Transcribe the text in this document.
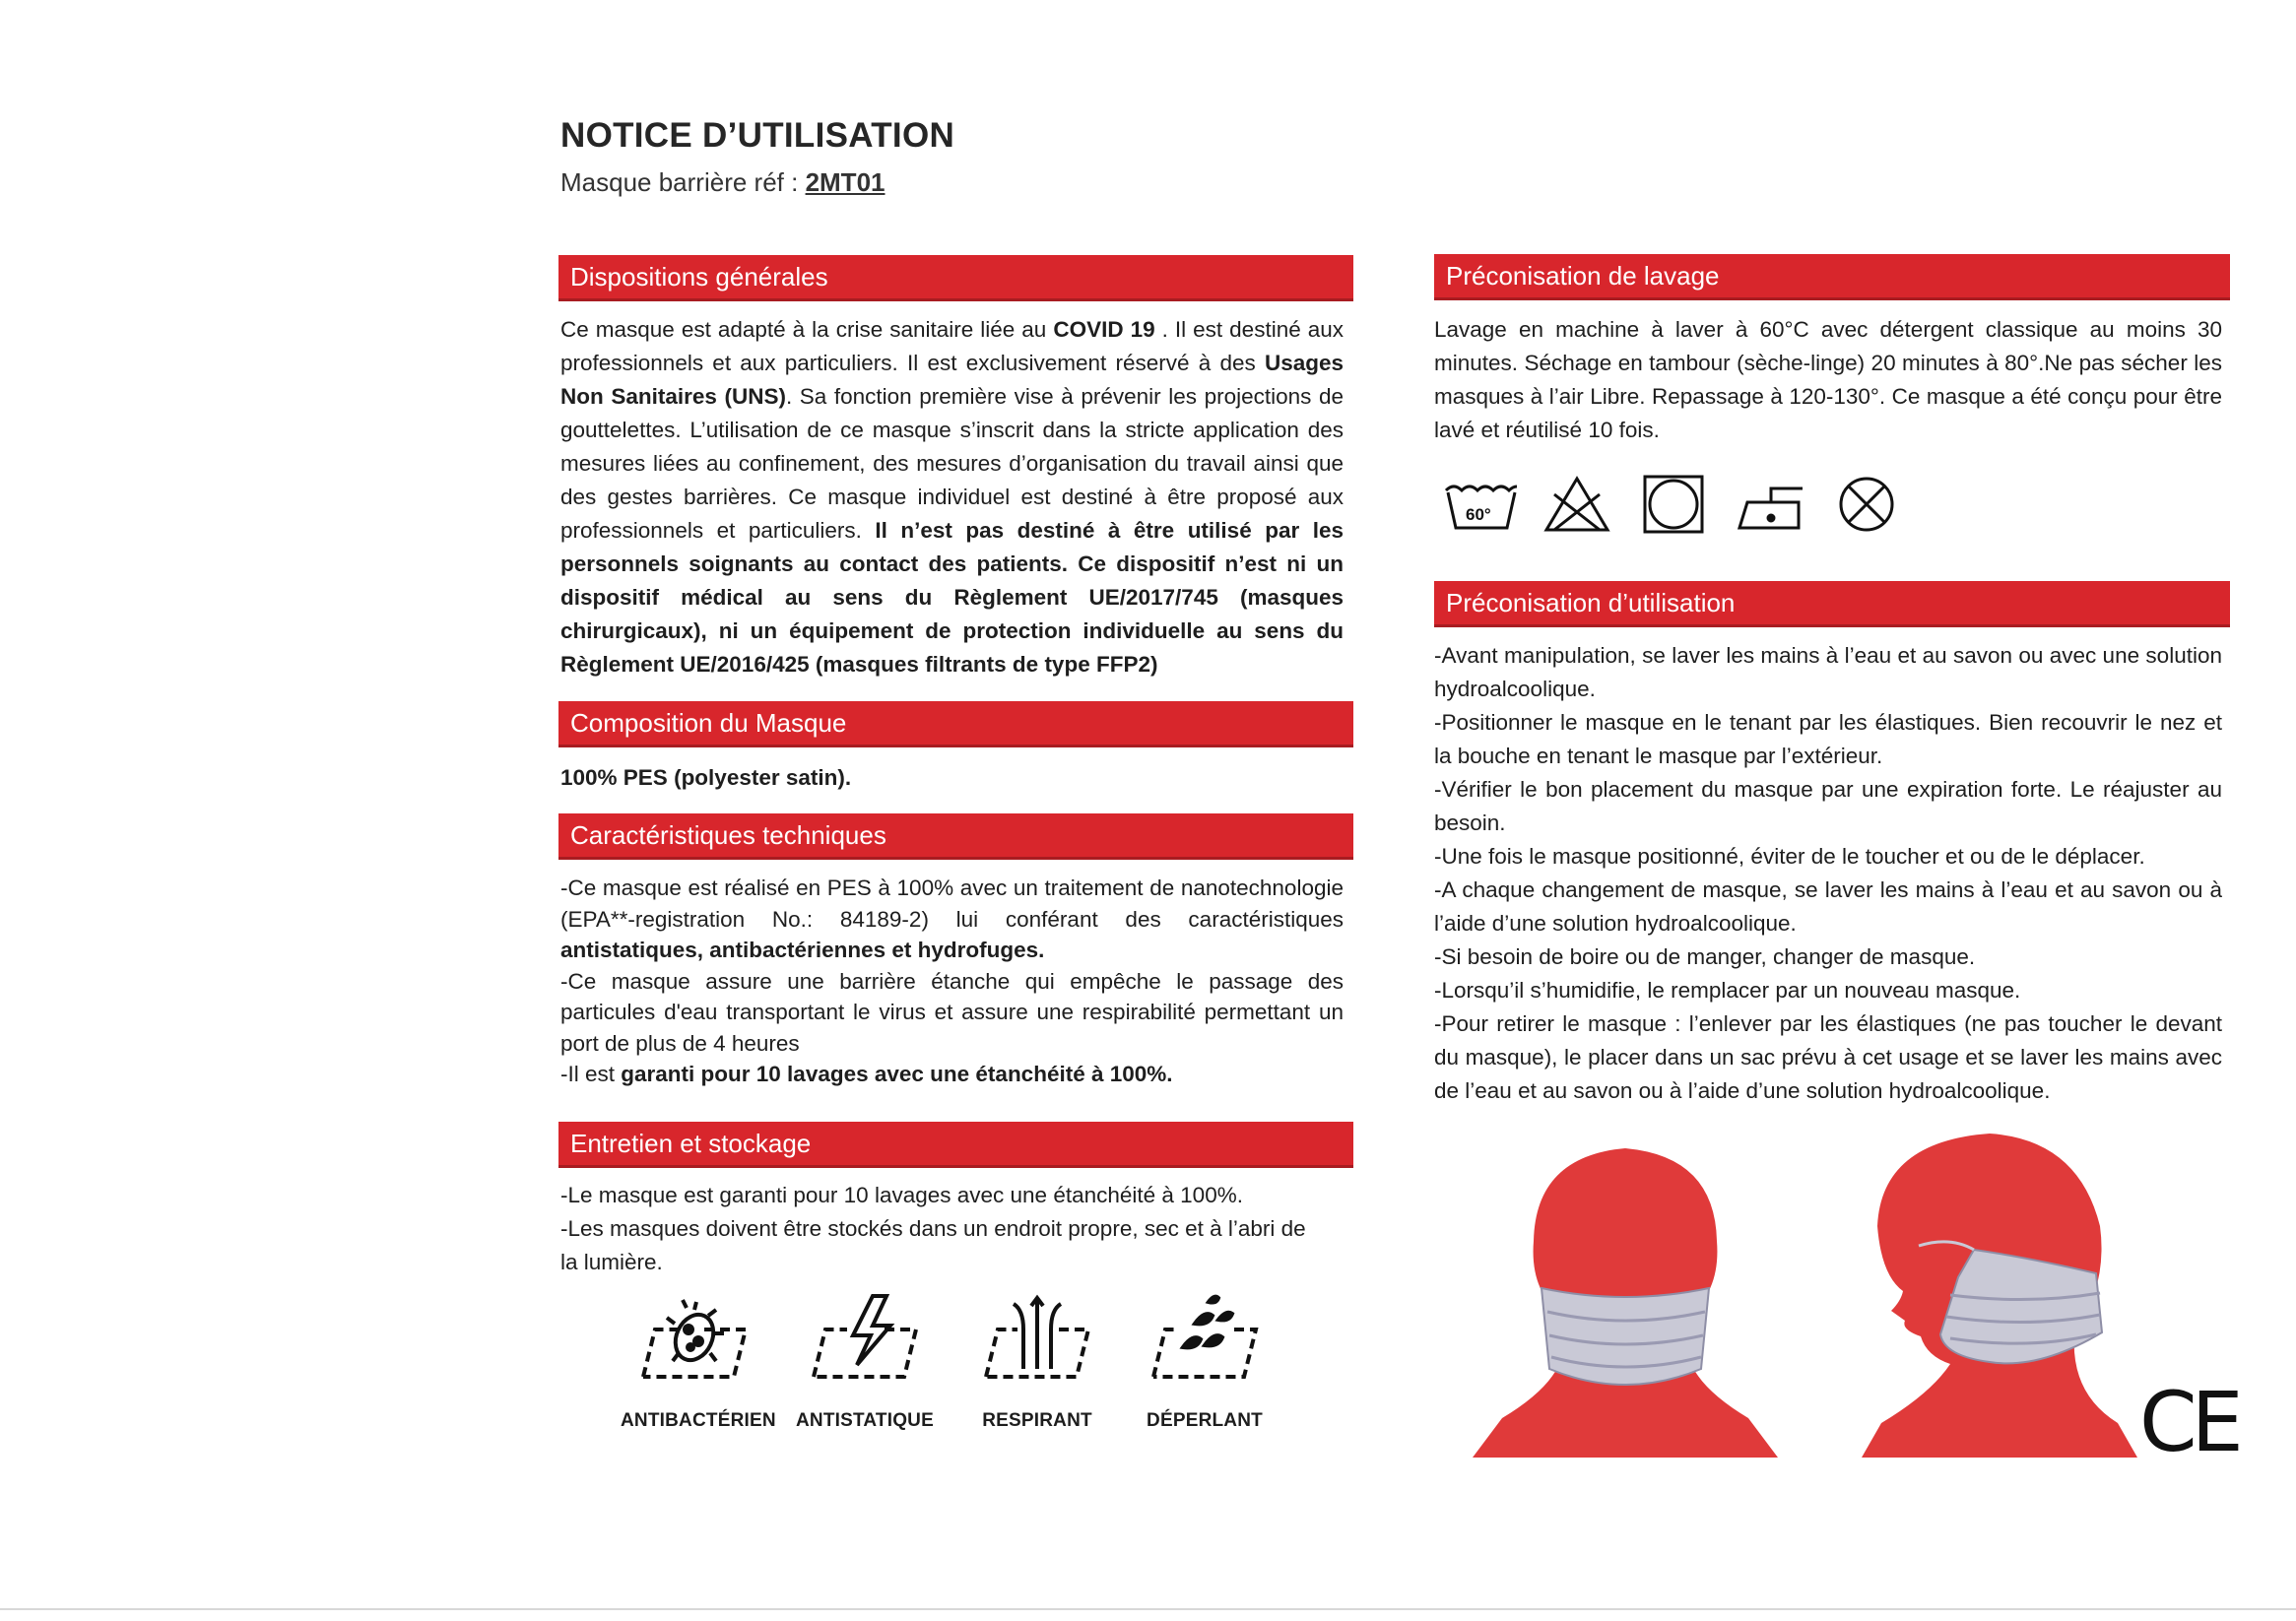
NOTICE D’UTILISATION
Masque barrière réf : 2MT01
Dispositions générales
Ce masque est adapté à la crise sanitaire liée au COVID 19 . Il est destiné aux professionnels et aux particuliers. Il est exclusivement réservé à des Usages Non Sanitaires (UNS). Sa fonction première vise à prévenir les projections de gouttelettes. L’utilisation de ce masque s’inscrit dans la stricte application des mesures liées au confinement, des mesures d’organisation du travail ainsi que des gestes barrières. Ce masque individuel est destiné à être proposé aux professionnels et particuliers. Il n’est pas destiné à être utilisé par les personnels soignants au contact des patients. Ce dispositif n’est ni un dispositif médical au sens du Règlement UE/2017/745 (masques chirurgicaux), ni un équipement de protection individuelle au sens du Règlement UE/2016/425 (masques filtrants de type FFP2)
Composition du Masque
100% PES (polyester satin).
Caractéristiques techniques

-Ce masque est réalisé en PES à 100% avec un traitement de nanotechnologie (EPA**-registration No.: 84189-2) lui conférant des caractéristiques antistatiques, antibactériennes et hydrofuges.

-Ce masque assure une barrière étanche qui empêche le passage des particules d'eau transportant le virus et assure une respirabilité permettant un port de plus de 4 heures

-Il est garanti pour 10 lavages avec une étanchéité à 100%.

Entretien et stockage

-Le masque est garanti pour 10 lavages avec une étanchéité à 100%.

-Les masques doivent être stockés dans un endroit propre, sec et à l’abri de la lumière.

ANTIBACTÉRIEN ANTISTATIQUE	RESPIRANT	DÉPERLANT
Préconisation de lavage
Lavage en machine à laver à 60°C avec détergent classique au moins 30 minutes. Séchage en tambour (sèche-linge) 20 minutes à 80°.Ne pas sécher les masques à l’air Libre. Repassage à 120-130°. Ce masque a été conçu pour être lavé et réutilisé 10 fois.
60°
Préconisation d’utilisation

-Avant manipulation, se laver les mains à l’eau et au savon ou avec une solution hydroalcoolique.

-Positionner le masque en le tenant par les élastiques. Bien recouvrir le nez et la bouche en tenant le masque par l’extérieur.

-Vérifier le bon placement du masque par une expiration forte. Le réajuster au besoin.

-Une fois le masque positionné, éviter de le toucher et ou de le déplacer.

-A chaque changement de masque, se laver les mains à l’eau et au savon ou à l’aide d’une solution hydroalcoolique.

-Si besoin de boire ou de manger, changer de masque.

-Lorsqu’il s’humidifie, le remplacer par un nouveau masque.

-Pour retirer le masque : l’enlever par les élastiques (ne pas toucher le devant du masque), le placer dans un sac prévu à cet usage et se laver les mains avec de l’eau et au savon ou à l’aide d’une solution hydroalcoolique.

CE
